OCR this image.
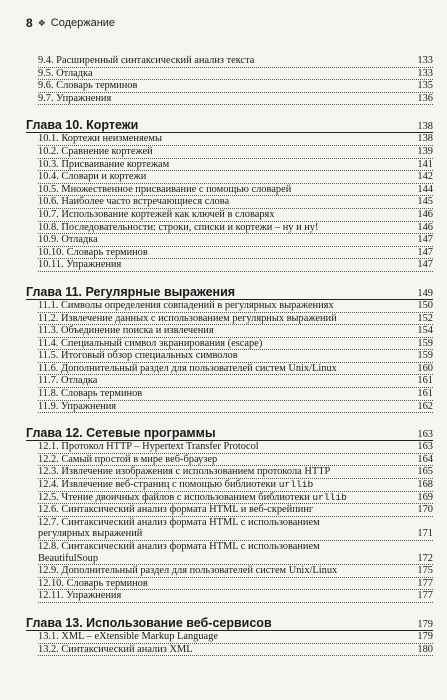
8 ❖ Содержание
9.4. Расширенный синтаксический анализ текста	133
9.5. Отладка	133
9.6. Словарь терминов	135
9.7. Упражнения	136
Глава 10. Кортежи	138
10.1. Кортежи неизменяемы	138
10.2. Сравнение кортежей	139
10.3. Присваивание кортежам	141
10.4. Словари и кортежи	142
10.5. Множественное присваивание с помощью словарей	144
10.6. Наиболее часто встречающиеся слова	145
10.7. Использование кортежей как ключей в словарях	146
10.8. Последовательности: строки, списки и кортежи – ну и ну!	146
10.9. Отладка	147
10.10. Словарь терминов	147
10.11. Упражнения	147
Глава 11. Регулярные выражения	149
11.1. Символы определения совпадений в регулярных выражениях	150
11.2. Извлечение данных с использованием регулярных выражений	152
11.3. Объединение поиска и извлечения	154
11.4. Специальный символ экранирования (escape)	159
11.5. Итоговый обзор специальных символов	159
11.6. Дополнительный раздел для пользователей систем Unix/Linux	160
11.7. Отладка	161
11.8. Словарь терминов	161
11.9. Упражнения	162
Глава 12. Сетевые программы	163
12.1. Протокол HTTP – Hypertext Transfer Protocol	163
12.2. Самый простой в мире веб-браузер	164
12.3. Извлечение изображения с использованием протокола HTTP	165
12.4. Извлечение веб-страниц с помощью библиотеки urllib	168
12.5. Чтение двоичных файлов с использованием библиотеки urllib	169
12.6. Синтаксический анализ формата HTML и веб-скрейпинг	170
12.7. Синтаксический анализ формата HTML с использованием
регулярных выражений	171
12.8. Синтаксический анализ формата HTML с использованием
BeautifulSoup	172
12.9. Дополнительный раздел для пользователей систем Unix/Linux	175
12.10. Словарь терминов	177
12.11. Упражнения	177
Глава 13. Использование веб-сервисов	179
13.1. XML – eXtensible Markup Language	179
13.2. Синтаксический анализ XML	180
